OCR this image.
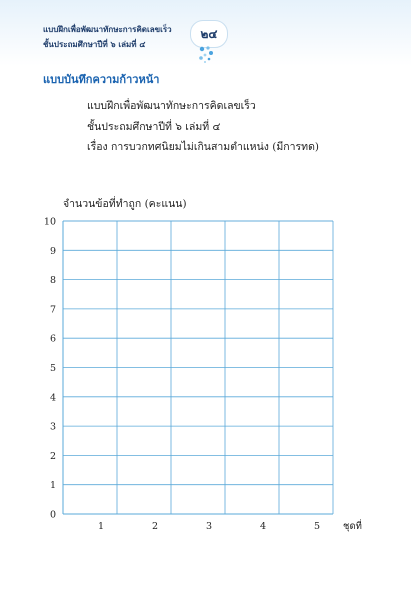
แบบฝึกเพื่อพัฒนาทักษะการคิดเลขเร็ว
ชั้นประถมศึกษาปีที่ ๖ เล่มที่ ๔
๒๔
แบบบันทึกความก้าวหน้า
แบบฝึกเพื่อพัฒนาทักษะการคิดเลขเร็ว
ชั้นประถมศึกษาปีที่ ๖ เล่มที่ ๔
เรื่อง การบวกทศนิยมไม่เกินสามตำแหน่ง (มีการทด)
จำนวนข้อที่ทำถูก (คะแนน)
0
1
2
3
4
5
6
7
8
9
10
1	2	3	4	5 ชุดที่
